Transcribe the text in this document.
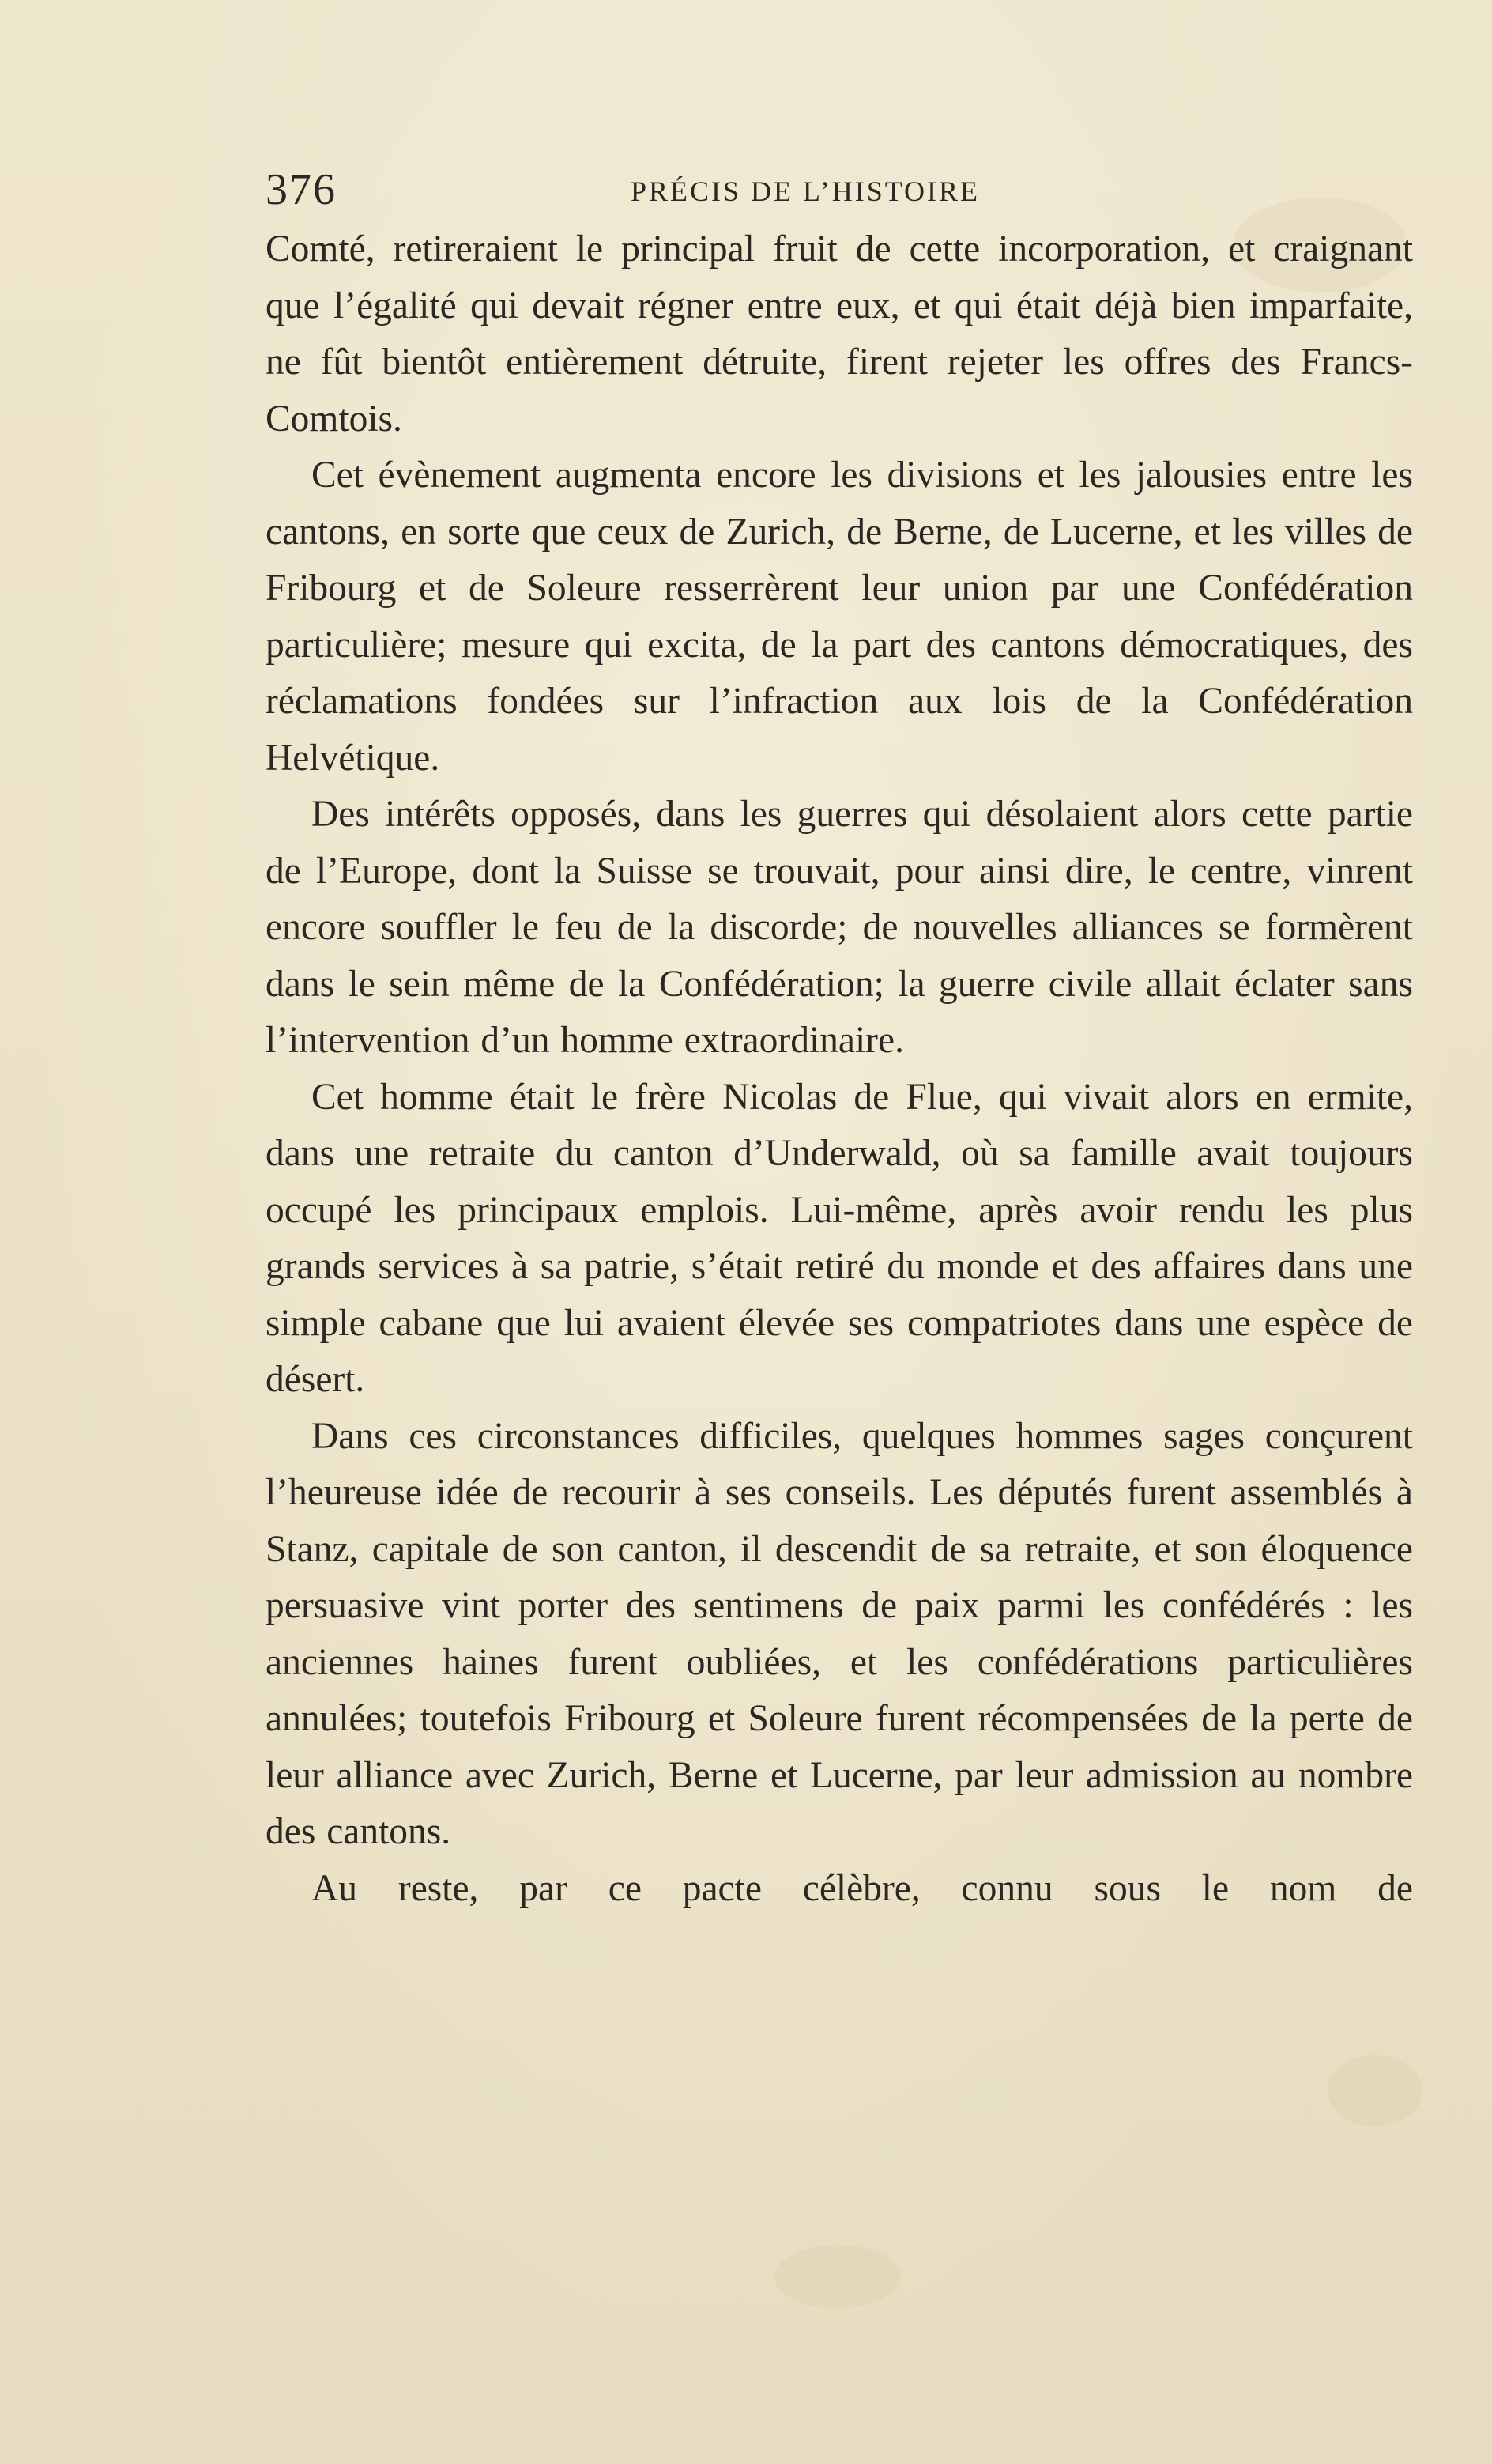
376	PRÉCIS DE L’HISTOIRE

Comté, retireraient le principal fruit de cette incorporation, et craignant que l’égalité qui devait régner entre eux, et qui était déjà bien imparfaite, ne fût bientôt entièrement détruite, firent rejeter les offres des Francs-Comtois.

Cet évènement augmenta encore les divisions et les jalousies entre les cantons, en sorte que ceux de Zurich, de Berne, de Lucerne, et les villes de Fribourg et de Soleure resserrèrent leur union par une Confédération particulière; mesure qui excita, de la part des cantons démocratiques, des réclamations fondées sur l’infraction aux lois de la Confédération Helvétique.

Des intérêts opposés, dans les guerres qui désolaient alors cette partie de l’Europe, dont la Suisse se trouvait, pour ainsi dire, le centre, vinrent encore souffler le feu de la discorde; de nouvelles alliances se formèrent dans le sein même de la Confédération; la guerre civile allait éclater sans l’intervention d’un homme extraordinaire.

Cet homme était le frère Nicolas de Flue, qui vivait alors en ermite, dans une retraite du canton d’Underwald, où sa famille avait toujours occupé les principaux emplois. Lui-même, après avoir rendu les plus grands services à sa patrie, s’était retiré du monde et des affaires dans une simple cabane que lui avaient élevée ses compatriotes dans une espèce de désert.

Dans ces circonstances difficiles, quelques hommes sages conçurent l’heureuse idée de recourir à ses conseils. Les députés furent assemblés à Stanz, capitale de son canton, il descendit de sa retraite, et son éloquence persuasive vint porter des sentimens de paix parmi les confédérés : les anciennes haines furent oubliées, et les confédérations particulières annulées; toutefois Fribourg et Soleure furent récompensées de la perte de leur alliance avec Zurich, Berne et Lucerne, par leur admission au nombre des cantons.

Au reste, par ce pacte célèbre, connu sous le nom de
